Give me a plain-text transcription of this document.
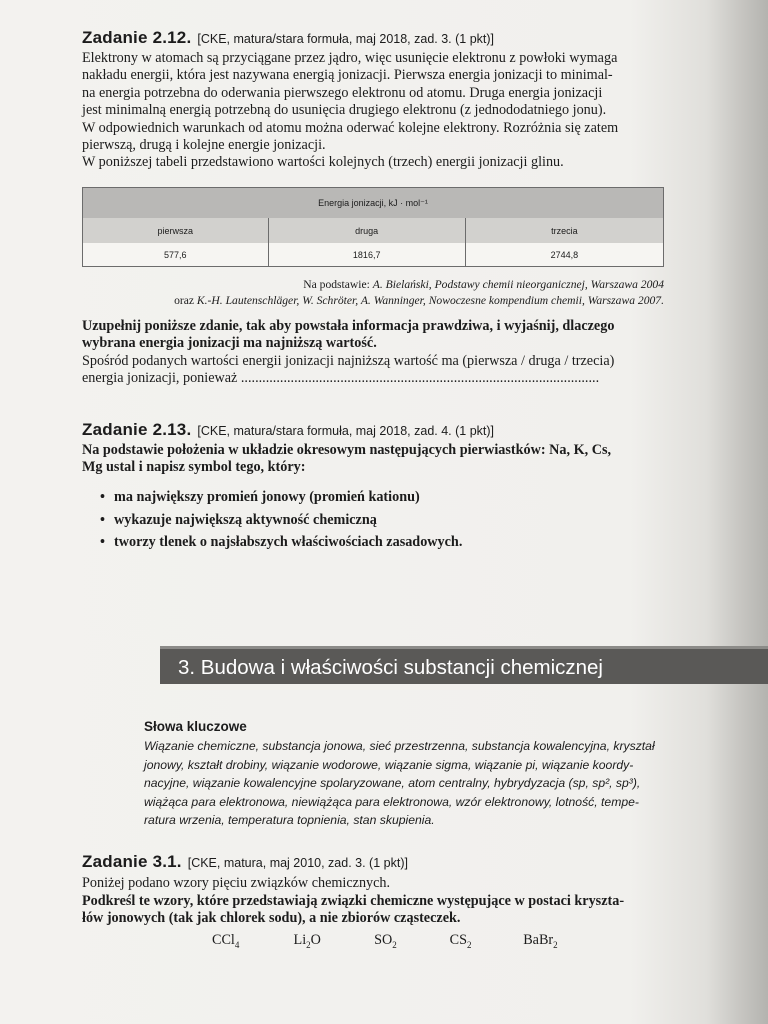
Zadanie 2.12. [CKE, matura/stara formuła, maj 2018, zad. 3. (1 pkt)]

Elektrony w atomach są przyciągane przez jądro, więc usunięcie elektronu z powłoki wymaga

nakładu energii, która jest nazywana energią jonizacji. Pierwsza energia jonizacji to minimal-

na energia potrzebna do oderwania pierwszego elektronu od atomu. Druga energia jonizacji

jest minimalną energią potrzebną do usunięcia drugiego elektronu (z jednododatniego jonu).

W odpowiednich warunkach od atomu można oderwać kolejne elektrony. Rozróżnia się zatem

pierwszą, drugą i kolejne energie jonizacji.

W poniższej tabeli przedstawiono wartości kolejnych (trzech) energii jonizacji glinu.

Energia jonizacji, kJ · mol⁻¹
pierwsza	druga	trzecia
577,6	1816,7	2744,8
Na podstawie: A. Bielański, Podstawy chemii nieorganicznej, Warszawa 2004
oraz K.-H. Lautenschläger, W. Schröter, A. Wanninger, Nowoczesne kompendium chemii, Warszawa 2007.

Uzupełnij poniższe zdanie, tak aby powstała informacja prawdziwa, i wyjaśnij, dlaczego

wybrana energia jonizacji ma najniższą wartość.

Spośród podanych wartości energii jonizacji najniższą wartość ma (pierwsza / druga / trzecia)

energia jonizacji, ponieważ .....................................................................................................

Zadanie 2.13. [CKE, matura/stara formuła, maj 2018, zad. 4. (1 pkt)]

Na podstawie położenia w układzie okresowym następujących pierwiastków: Na, K, Cs,

Mg ustal i napisz symbol tego, który:

• ma największy promień jonowy (promień kationu)
• wykazuje największą aktywność chemiczną
• tworzy tlenek o najsłabszych właściwościach zasadowych.
3. Budowa i właściwości substancji chemicznej
Słowa kluczowe
Wiązanie chemiczne, substancja jonowa, sieć przestrzenna, substancja kowalencyjna, kryształ
jonowy, kształt drobiny, wiązanie wodorowe, wiązanie sigma, wiązanie pi, wiązanie koordy-
nacyjne, wiązanie kowalencyjne spolaryzowane, atom centralny, hybrydyzacja (sp, sp², sp³),
wiążąca para elektronowa, niewiążąca para elektronowa, wzór elektronowy, lotność, tempe-
ratura wrzenia, temperatura topnienia, stan skupienia.
Zadanie 3.1. [CKE, matura, maj 2010, zad. 3. (1 pkt)]

Poniżej podano wzory pięciu związków chemicznych.

Podkreśl te wzory, które przedstawiają związki chemiczne występujące w postaci kryszta-

łów jonowych (tak jak chlorek sodu), a nie zbiorów cząsteczek.

CCl$_4$	$Li_2O$	$SO_2$	$CS_2$	BaBr$_2$
